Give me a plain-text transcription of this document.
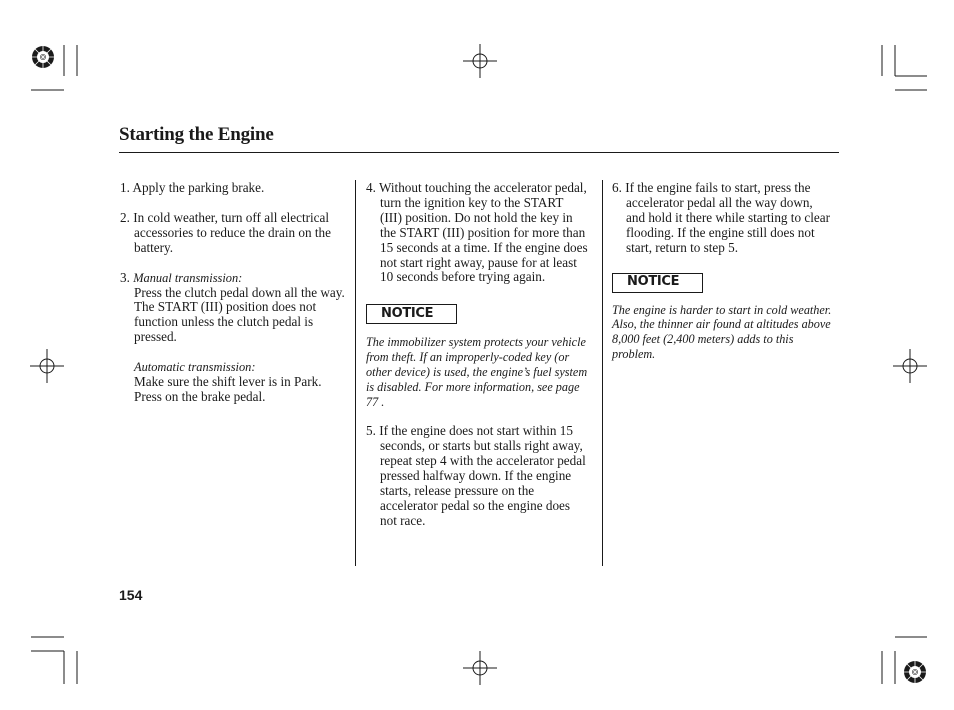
Starting the Engine
1. Apply the parking brake.
2. In cold weather, turn off all electrical accessories to reduce the drain on the battery.
3. Manual transmission:
Press the clutch pedal down all the way. The START (III) position does not function unless the clutch pedal is pressed.
Automatic transmission:
Make sure the shift lever is in Park. Press on the brake pedal.
4. Without touching the accelerator pedal, turn the ignition key to the START (III) position. Do not hold the key in the START (III) position for more than 15 seconds at a time. If the engine does not start right away, pause for at least 10 seconds before trying again.
NOTICE
The immobilizer system protects your vehicle from theft. If an improperly-coded key (or other device) is used, the engine’s fuel system is disabled. For more information, see page 77 .
5. If the engine does not start within 15 seconds, or starts but stalls right away, repeat step 4 with the accelerator pedal pressed halfway down. If the engine starts, release pressure on the accelerator pedal so the engine does not race.
6. If the engine fails to start, press the accelerator pedal all the way down, and hold it there while starting to clear flooding. If the engine still does not start, return to step 5.
NOTICE
The engine is harder to start in cold weather. Also, the thinner air found at altitudes above 8,000 feet (2,400 meters) adds to this problem.
154
